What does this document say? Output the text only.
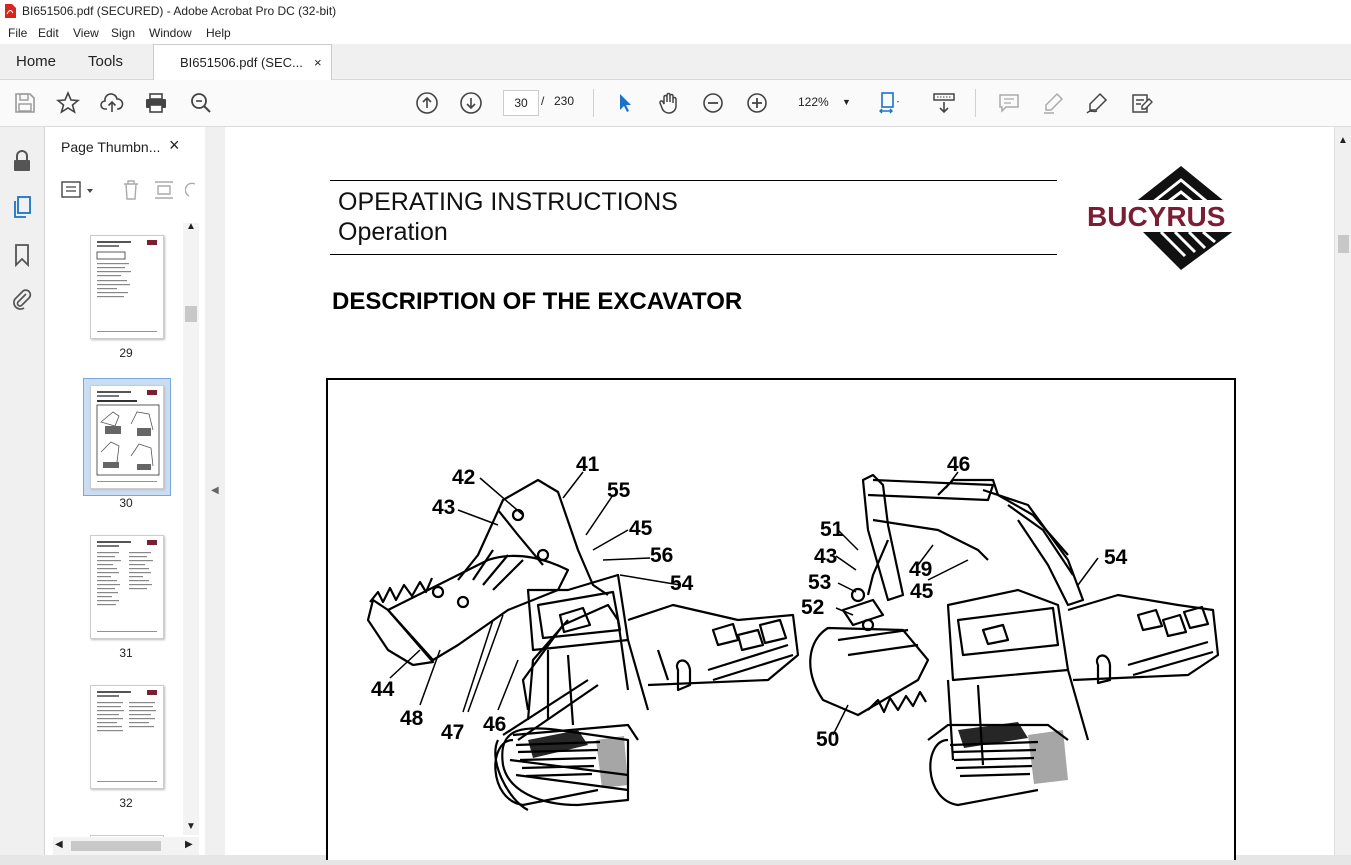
BI651506.pdf (SECURED) - Adobe Acrobat Pro DC (32-bit)
File Edit View Sign Window Help
Home Tools	BI651506.pdf (SEC... ×
30	/ 230	122% ▼
Page Thumbn... ×
29
30
31
32
▲
▼
◀	▶
◀
OPERATING INSTRUCTIONS
Operation	BUCYRUS
DESCRIPTION OF THE EXCAVATOR
41
42
43
55
45
56
54
44
48
47 46
46
51
43
49
45
53
52
54
50
▲
